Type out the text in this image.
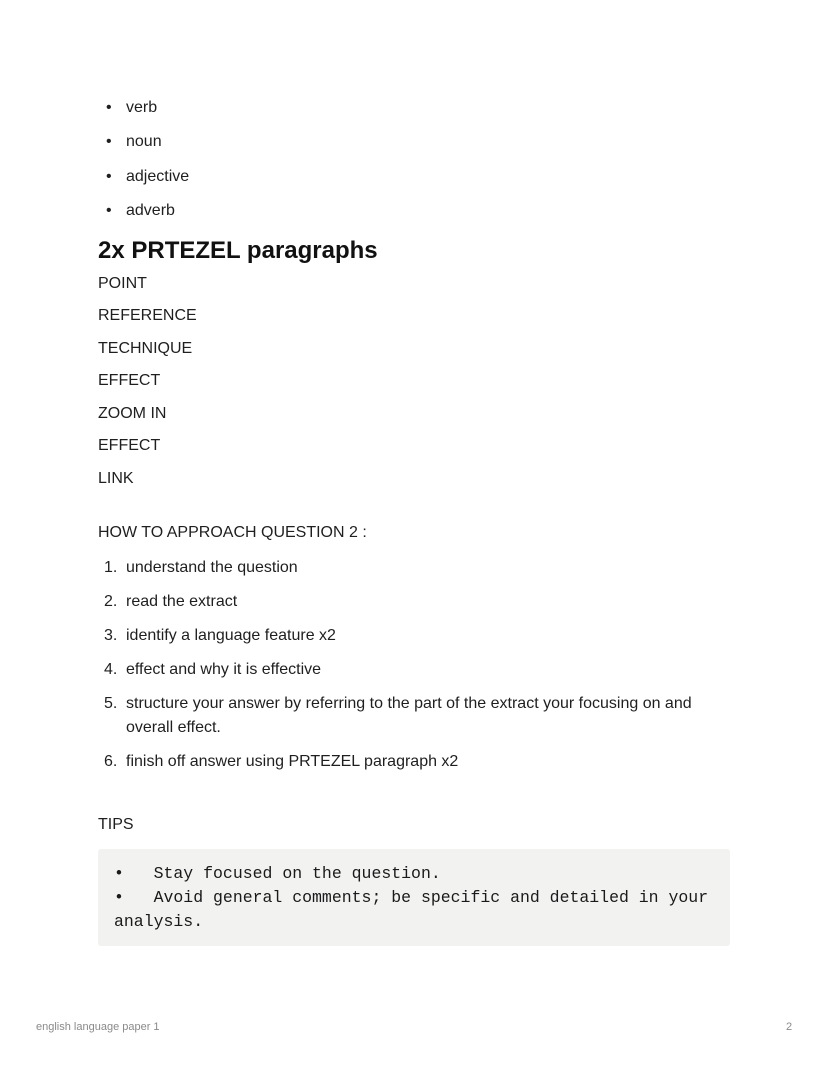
• verb
• noun
• adjective
• adverb
2x PRTEZEL paragraphs
POINT
REFERENCE
TECHNIQUE
EFFECT
ZOOM IN
EFFECT
LINK
HOW TO APPROACH QUESTION 2 :
1. understand the question
2. read the extract
3. identify a language feature x2
4. effect and why it is effective
5. structure your answer by referring to the part of the extract your focusing on and overall effect.
6. finish off answer using PRTEZEL paragraph x2
TIPS
•   Stay focused on the question.
•   Avoid general comments; be specific and detailed in your analysis.
english language paper 1	2
